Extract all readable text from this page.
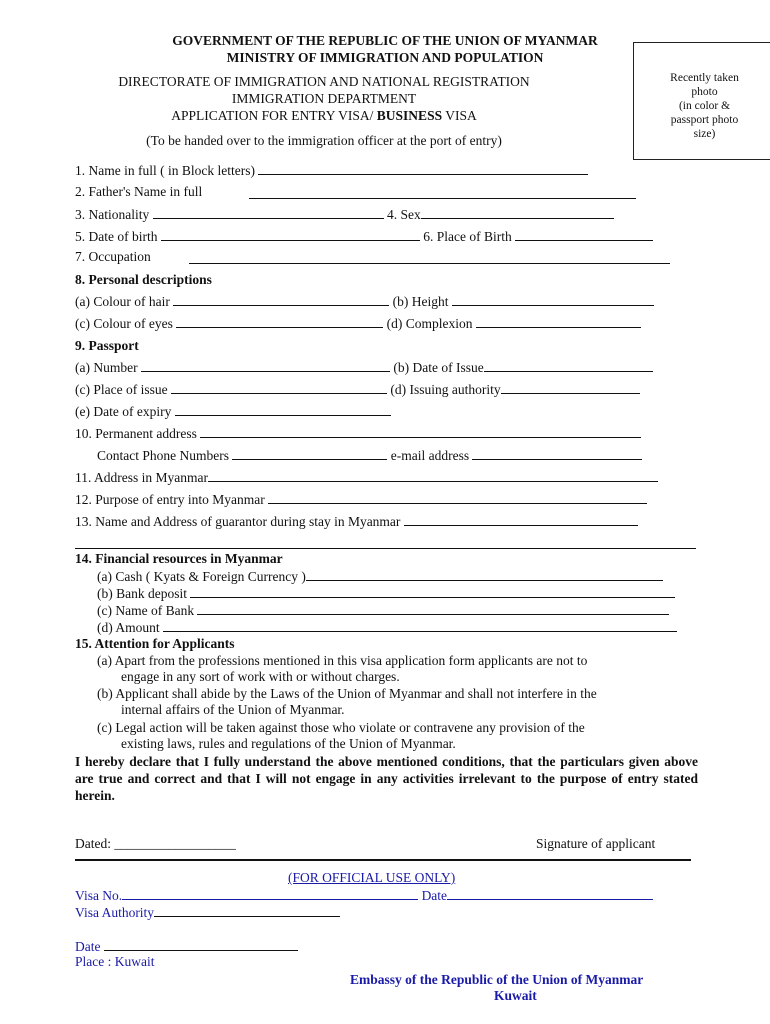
GOVERNMENT OF THE REPUBLIC OF THE UNION OF MYANMAR
MINISTRY OF IMMIGRATION AND POPULATION
DIRECTORATE OF IMMIGRATION AND NATIONAL REGISTRATION
IMMIGRATION DEPARTMENT
APPLICATION FOR ENTRY VISA/ BUSINESS VISA
(To be handed over to the immigration officer at the port of entry)
Recently taken
photo
(in color &
passport photo
size)
1. Name in full ( in Block letters)
2. Father's Name in full
3. Nationality	4. Sex
5. Date of birth	6. Place of Birth
7. Occupation
8. Personal descriptions
(a) Colour of hair	(b) Height
(c) Colour of eyes	(d) Complexion
9. Passport
(a) Number	(b) Date of Issue
(c) Place of issue	(d) Issuing authority
(e) Date of expiry
10. Permanent address
Contact Phone Numbers	e-mail address
11. Address in Myanmar
12. Purpose of entry into Myanmar
13. Name and Address of guarantor during stay in Myanmar
14. Financial resources in Myanmar
(a) Cash ( Kyats & Foreign Currency )
(b) Bank deposit
(c) Name of Bank
(d) Amount
15. Attention for Applicants
(a) Apart from the professions mentioned in this visa application form applicants are not to
engage in any sort of work with or without charges.
(b) Applicant shall abide by the Laws of the Union of Myanmar and shall not interfere in the
internal affairs of the Union of Myanmar.
(c) Legal action will be taken against those who violate or contravene any provision of the
existing laws, rules and regulations of the Union of Myanmar.
I hereby declare that I fully understand the above mentioned conditions, that the particulars given above are true and correct and that I will not engage in any activities irrelevant to the purpose of entry stated herein.
Dated: __________________	Signature of applicant
(FOR OFFICIAL USE ONLY)
Visa No.	Date
Visa Authority
Date
Place : Kuwait
Embassy of the Republic of the Union of Myanmar
Kuwait
